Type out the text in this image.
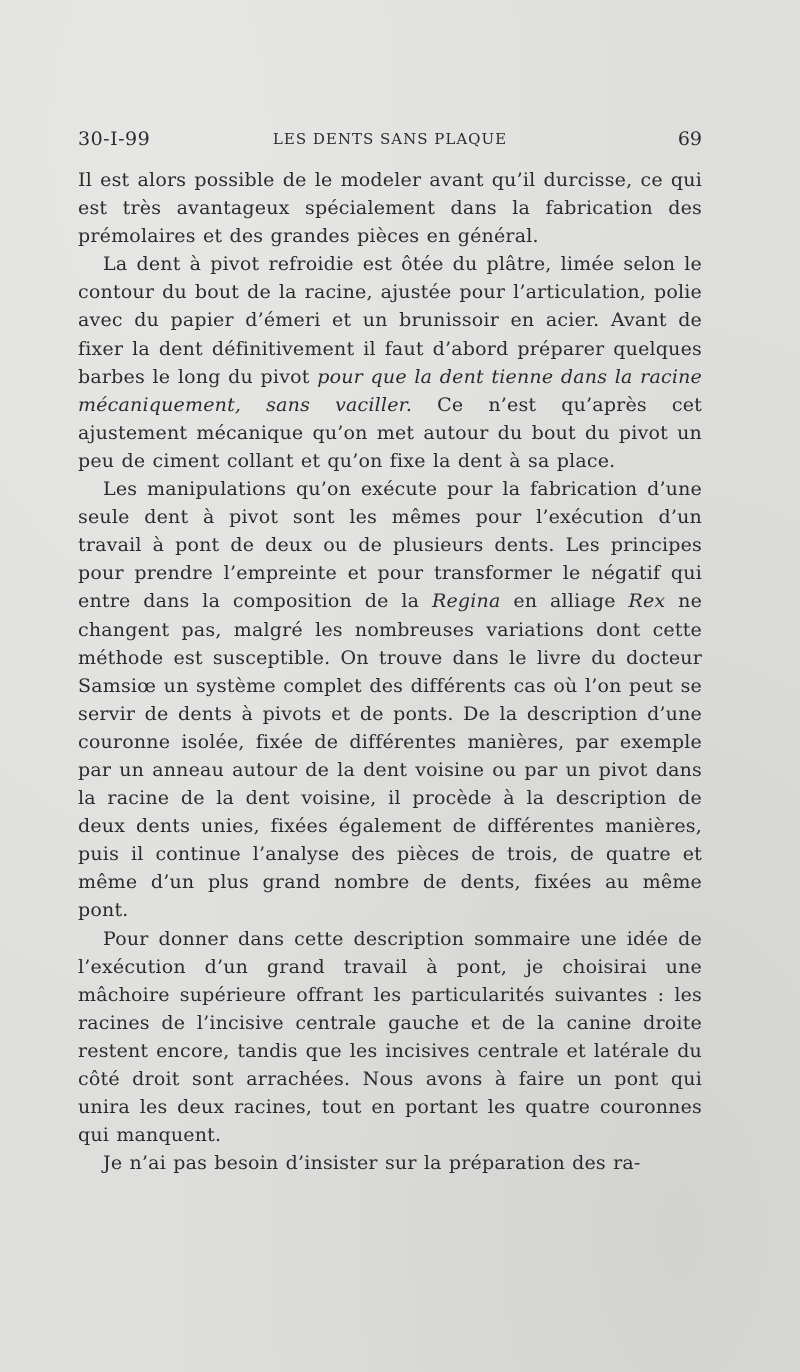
30-I-99	LES DENTS SANS PLAQUE	69

Il est alors possible de le modeler avant qu’il durcisse, ce qui est très avantageux spécialement dans la fabrication des prémolaires et des grandes pièces en général.

La dent à pivot refroidie est ôtée du plâtre, limée selon le contour du bout de la racine, ajustée pour l’articulation, polie avec du papier d’émeri et un brunissoir en acier. Avant de fixer la dent définitivement il faut d’abord préparer quelques barbes le long du pivot pour que la dent tienne dans la racine mécaniquement, sans vaciller. Ce n’est qu’après cet ajustement mécanique qu’on met autour du bout du pivot un peu de ciment collant et qu’on fixe la dent à sa place.

Les manipulations qu’on exécute pour la fabrication d’une seule dent à pivot sont les mêmes pour l’exécution d’un travail à pont de deux ou de plusieurs dents. Les principes pour prendre l’empreinte et pour transformer le négatif qui entre dans la composition de la Regina en alliage Rex ne changent pas, malgré les nombreuses variations dont cette méthode est susceptible. On trouve dans le livre du docteur Samsiœ un système complet des différents cas où l’on peut se servir de dents à pivots et de ponts. De la description d’une couronne isolée, fixée de différentes manières, par exemple par un anneau autour de la dent voisine ou par un pivot dans la racine de la dent voisine, il procède à la description de deux dents unies, fixées également de différentes manières, puis il continue l’analyse des pièces de trois, de quatre et même d’un plus grand nombre de dents, fixées au même pont.

Pour donner dans cette description sommaire une idée de l’exécution d’un grand travail à pont, je choisirai une mâchoire supérieure offrant les particularités suivantes : les racines de l’incisive centrale gauche et de la canine droite restent encore, tandis que les incisives centrale et latérale du côté droit sont arrachées. Nous avons à faire un pont qui unira les deux racines, tout en portant les quatre couronnes qui manquent.

Je n’ai pas besoin d’insister sur la préparation des ra-
